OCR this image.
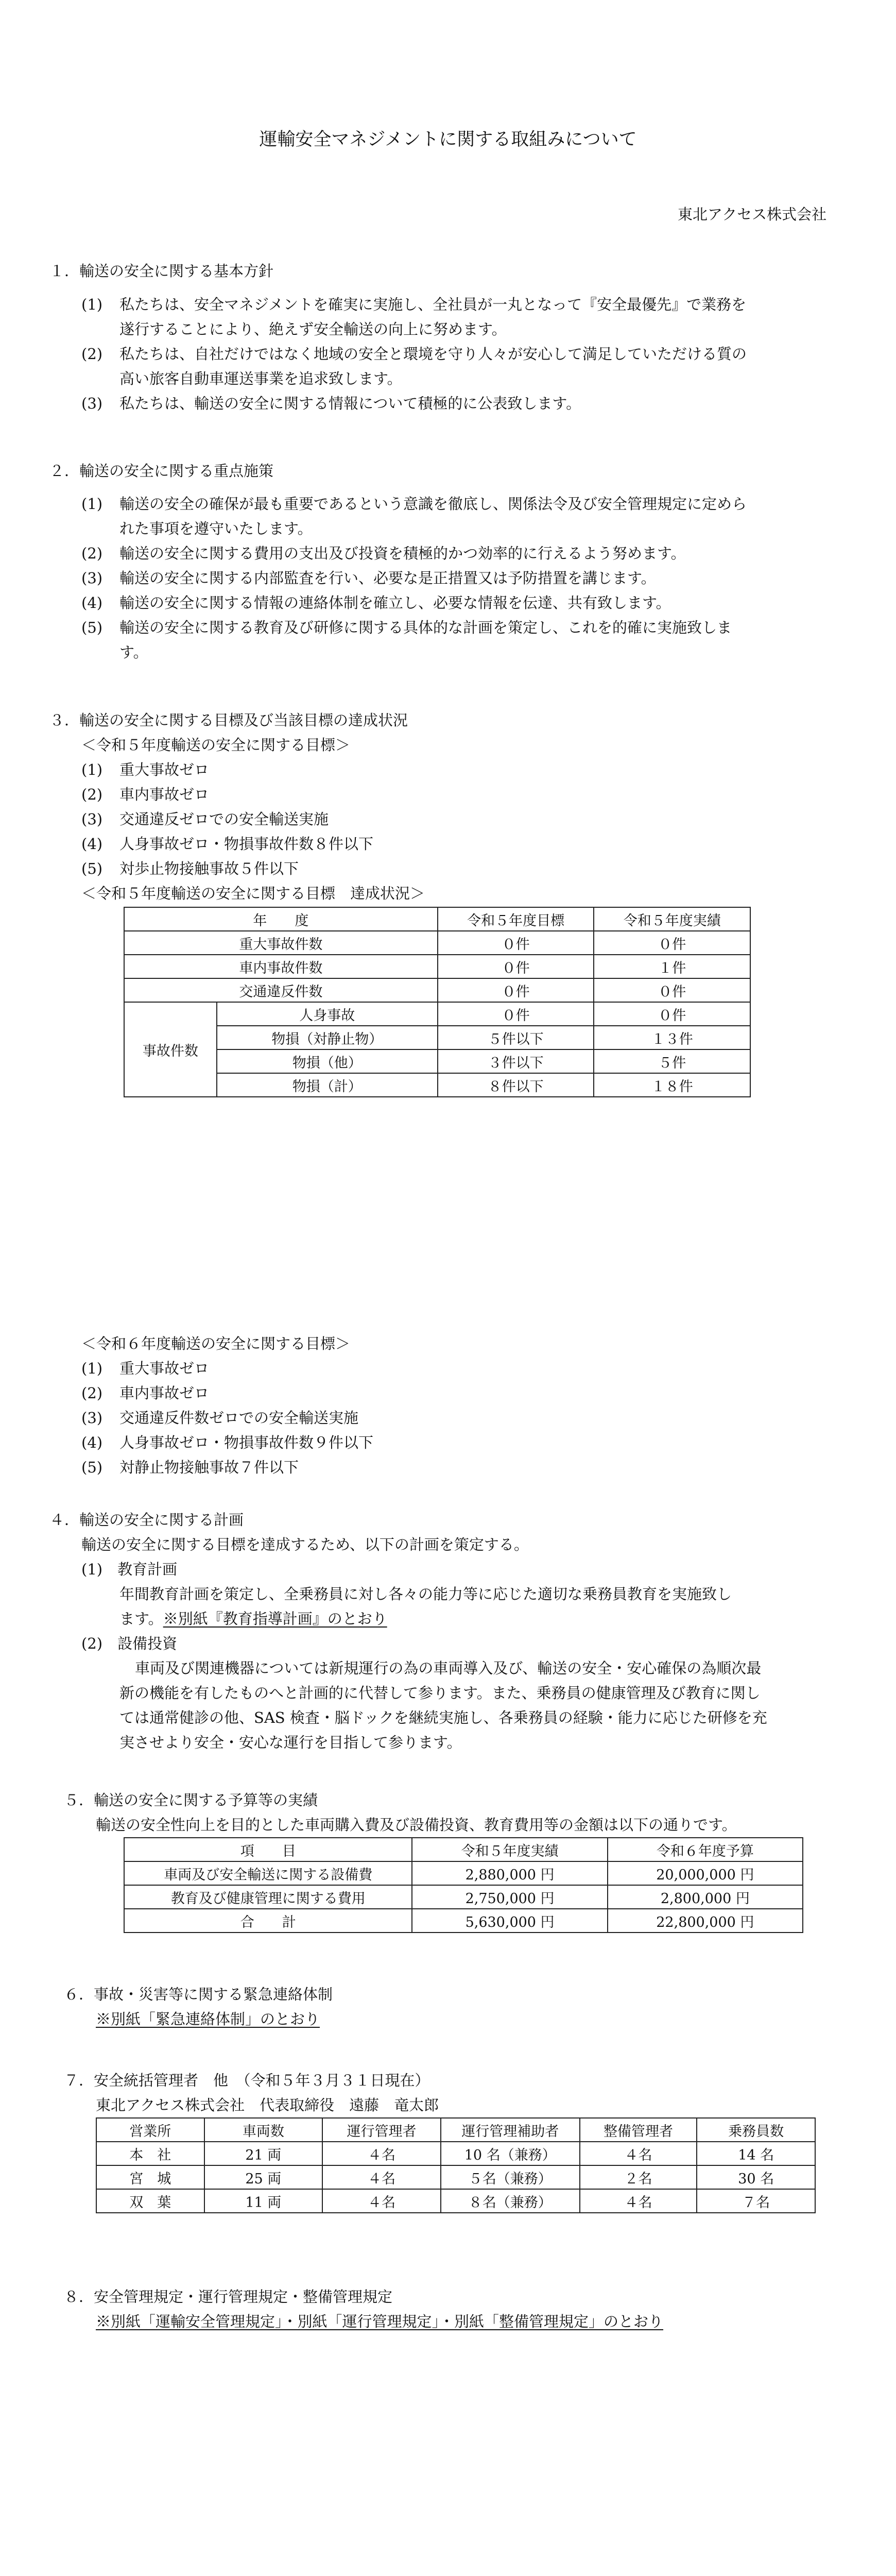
運輸安全マネジメントに関する取組みについて
東北アクセス株式会社
１．輸送の安全に関する基本方針
(1) 私たちは、安全マネジメントを確実に実施し、全社員が一丸となって『安全最優先』で業務を
遂行することにより、絶えず安全輸送の向上に努めます。
(2) 私たちは、自社だけではなく地域の安全と環境を守り人々が安心して満足していただける質の
高い旅客自動車運送事業を追求致します。
(3) 私たちは、輸送の安全に関する情報について積極的に公表致します。
２．輸送の安全に関する重点施策
(1) 輸送の安全の確保が最も重要であるという意識を徹底し、関係法令及び安全管理規定に定めら
れた事項を遵守いたします。
(2) 輸送の安全に関する費用の支出及び投資を積極的かつ効率的に行えるよう努めます。
(3) 輸送の安全に関する内部監査を行い、必要な是正措置又は予防措置を講じます。
(4) 輸送の安全に関する情報の連絡体制を確立し、必要な情報を伝達、共有致します。
(5) 輸送の安全に関する教育及び研修に関する具体的な計画を策定し、これを的確に実施致しま
す。
３．輸送の安全に関する目標及び当該目標の達成状況
＜令和５年度輸送の安全に関する目標＞
(1) 重大事故ゼロ
(2) 車内事故ゼロ
(3) 交通違反ゼロでの安全輸送実施
(4) 人身事故ゼロ・物損事故件数８件以下
(5) 対歩止物接触事故５件以下
＜令和５年度輸送の安全に関する目標　達成状況＞
年　　度		令和５年度目標	令和５年度実績
重大事故件数		０件	０件
車内事故件数		０件	１件
交通違反件数		０件	０件
事故件数	人身事故	０件	０件
	物損（対静止物）	５件以下	１３件
	物損（他）	３件以下	５件
	物損（計）	８件以下	１８件
＜令和６年度輸送の安全に関する目標＞
(1) 重大事故ゼロ
(2) 車内事故ゼロ
(3) 交通違反件数ゼロでの安全輸送実施
(4) 人身事故ゼロ・物損事故件数９件以下
(5) 対静止物接触事故７件以下
４．輸送の安全に関する計画
輸送の安全に関する目標を達成するため、以下の計画を策定する。
(1)　教育計画
年間教育計画を策定し、全乗務員に対し各々の能力等に応じた適切な乗務員教育を実施致し
ます。※別紙『教育指導計画』のとおり
(2)　設備投資
車両及び関連機器については新規運行の為の車両導入及び、輸送の安全・安心確保の為順次最
新の機能を有したものへと計画的に代替して参ります。また、乗務員の健康管理及び教育に関し
ては通常健診の他、SAS 検査・脳ドックを継続実施し、各乗務員の経験・能力に応じた研修を充
実させより安全・安心な運行を目指して参ります。
５．輸送の安全に関する予算等の実績
輸送の安全性向上を目的とした車両購入費及び設備投資、教育費用等の金額は以下の通りです。
項　　目	令和５年度実績	令和６年度予算
車両及び安全輸送に関する設備費	2,880,000 円	20,000,000 円
教育及び健康管理に関する費用	2,750,000 円	2,800,000 円
合　　計	5,630,000 円	22,800,000 円
６．事故・災害等に関する緊急連絡体制
※別紙「緊急連絡体制」のとおり
７．安全統括管理者　他　（令和５年３月３１日現在）
東北アクセス株式会社　代表取締役　遠藤　竜太郎
営業所	車両数	運行管理者	運行管理補助者	整備管理者	乗務員数
本　社	21 両	４名	10 名（兼務）	４名	14 名
宮　城	25 両	４名	５名（兼務）	２名	30 名
双　葉	11 両	４名	８名（兼務）	４名	７名
８．安全管理規定・運行管理規定・整備管理規定
※別紙「運輸安全管理規定」・別紙「運行管理規定」・別紙「整備管理規定」のとおり
